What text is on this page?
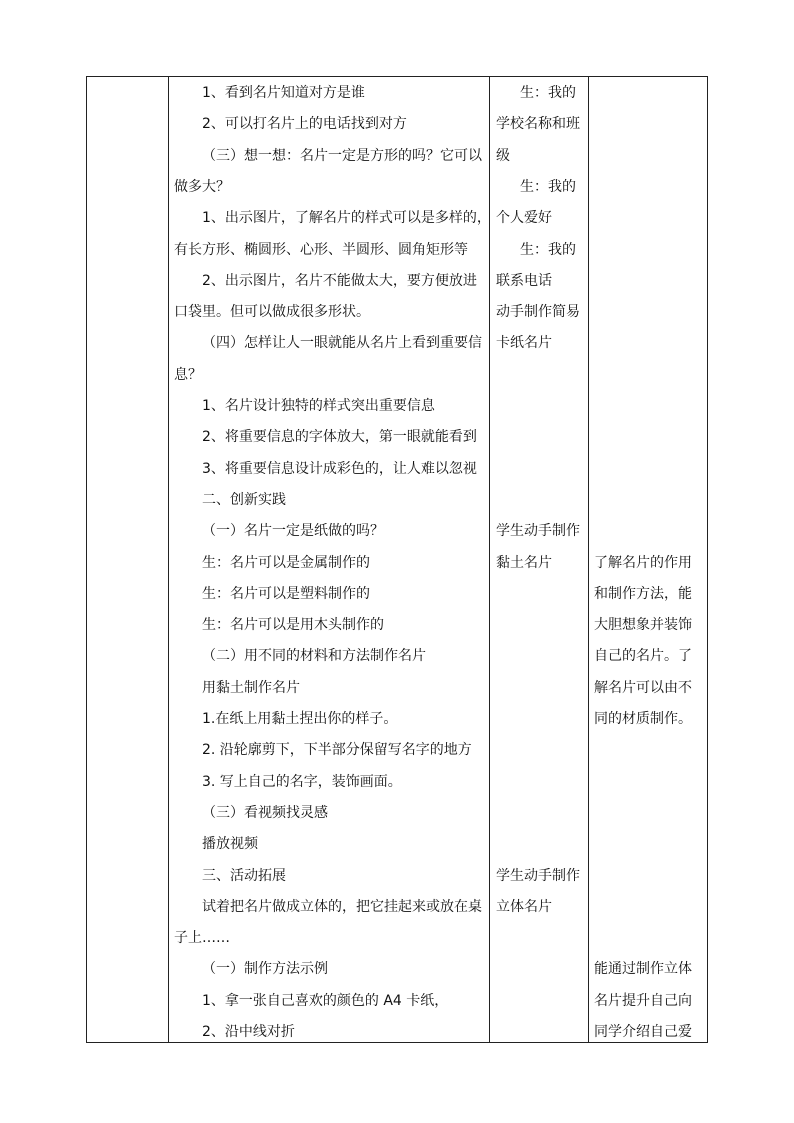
1、看到名片知道对方是谁
2、可以打名片上的电话找到对方
（三）想一想：名片一定是方形的吗？它可以
做多大？
1、出示图片，了解名片的样式可以是多样的，
有长方形、椭圆形、心形、半圆形、圆角矩形等
2、出示图片，名片不能做太大，要方便放进
口袋里。但可以做成很多形状。
（四）怎样让人一眼就能从名片上看到重要信
息？
1、名片设计独特的样式突出重要信息
2、将重要信息的字体放大，第一眼就能看到
3、将重要信息设计成彩色的，让人难以忽视
二、创新实践
（一）名片一定是纸做的吗？
生：名片可以是金属制作的
生：名片可以是塑料制作的
生：名片可以是用木头制作的
（二）用不同的材料和方法制作名片
用黏土制作名片
1.在纸上用黏土捏出你的样子。
2. 沿轮廓剪下，下半部分保留写名字的地方
3. 写上自己的名字，装饰画面。
（三）看视频找灵感
播放视频
三、活动拓展
试着把名片做成立体的，把它挂起来或放在桌
子上……
（一）制作方法示例
1、拿一张自己喜欢的颜色的 A4 卡纸，
2、沿中线对折
生：我的
学校名称和班
级
生：我的
个人爱好
生：我的
联系电话
动手制作简易
卡纸名片
学生动手制作
黏土名片
学生动手制作
立体名片
了解名片的作用
和制作方法，能
大胆想象并装饰
自己的名片。了
解名片可以由不
同的材质制作。
能通过制作立体
名片提升自己向
同学介绍自己爱
